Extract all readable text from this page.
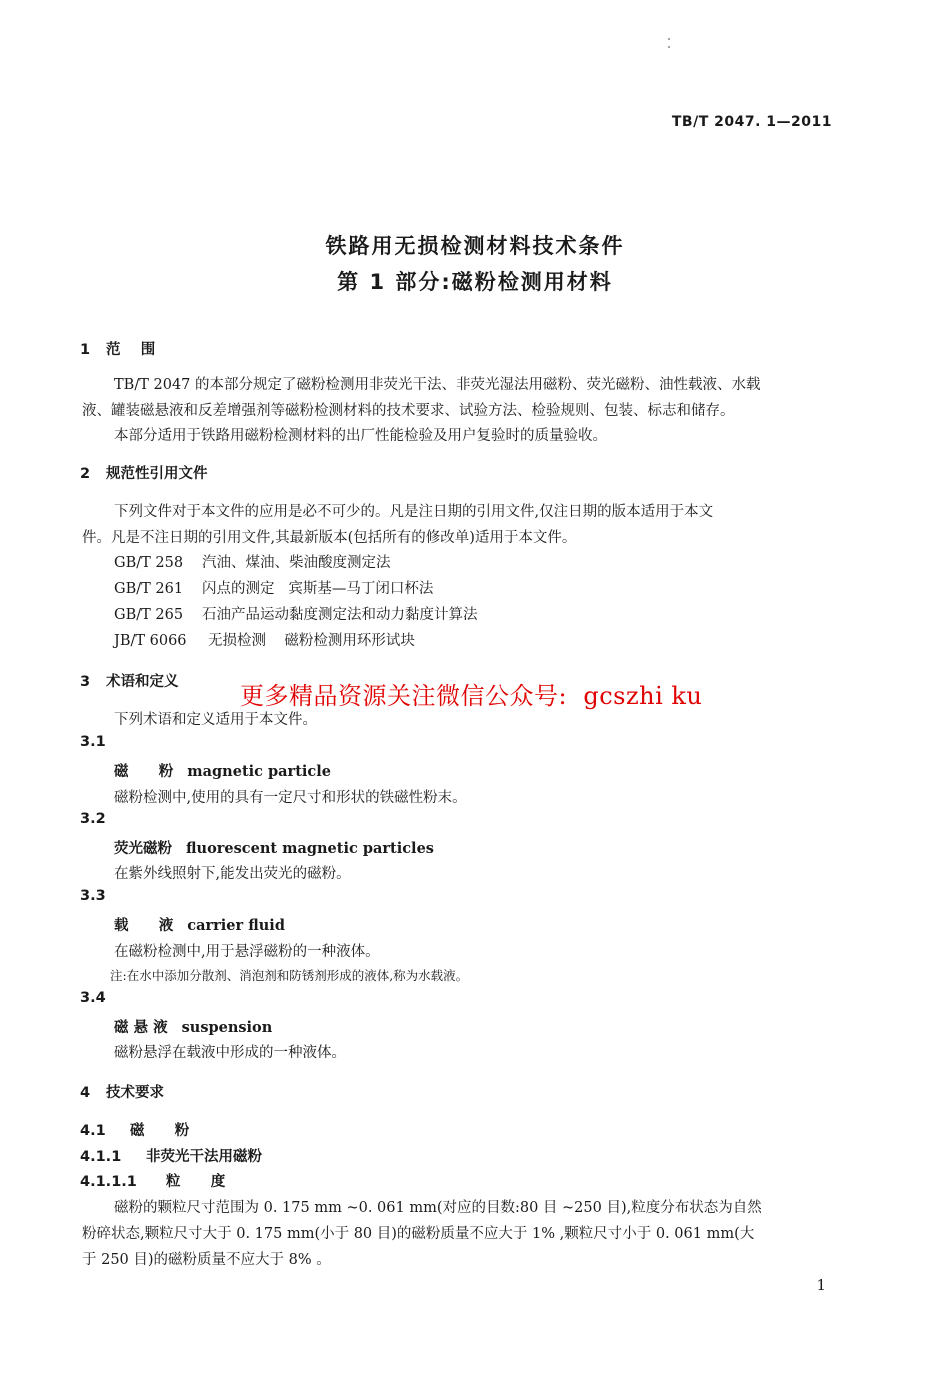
TB/T 2047. 1—2011
铁路用无损检测材料技术条件
第 1 部分:磁粉检测用材料
1 范    围
TB/T 2047 的本部分规定了磁粉检测用非荧光干法、非荧光湿法用磁粉、荧光磁粉、油性载液、水载
液、罐装磁悬液和反差增强剂等磁粉检测材料的技术要求、试验方法、检验规则、包装、标志和储存。
本部分适用于铁路用磁粉检测材料的出厂性能检验及用户复验时的质量验收。
2 规范性引用文件
下列文件对于本文件的应用是必不可少的。凡是注日期的引用文件,仅注日期的版本适用于本文
件。凡是不注日期的引用文件,其最新版本(包括所有的修改单)适用于本文件。
GB/T 258 汽油、煤油、柴油酸度测定法
GB/T 261 闪点的测定   宾斯基—马丁闭口杯法
GB/T 265 石油产品运动黏度测定法和动力黏度计算法
JB/T 6066 无损检测    磁粉检测用环形试块
3 术语和定义	更多精品资源关注微信公众号:  gcszhi ku
下列术语和定义适用于本文件。
3.1
磁      粉 magnetic particle
磁粉检测中,使用的具有一定尺寸和形状的铁磁性粉末。
3.2
荧光磁粉 fluorescent magnetic particles
在紫外线照射下,能发出荧光的磁粉。
3.3
载      液 carrier fluid
在磁粉检测中,用于悬浮磁粉的一种液体。
注:在水中添加分散剂、消泡剂和防锈剂形成的液体,称为水载液。
3.4
磁 悬 液 suspension
磁粉悬浮在载液中形成的一种液体。
4 技术要求
4.1 磁      粉
4.1.1 非荧光干法用磁粉
4.1.1.1 粒      度
磁粉的颗粒尺寸范围为 0. 175 mm ~0. 061 mm(对应的目数:80 目 ~250 目),粒度分布状态为自然
粉碎状态,颗粒尺寸大于 0. 175 mm(小于 80 目)的磁粉质量不应大于 1% ,颗粒尺寸小于 0. 061 mm(大
于 250 目)的磁粉质量不应大于 8% 。
1
